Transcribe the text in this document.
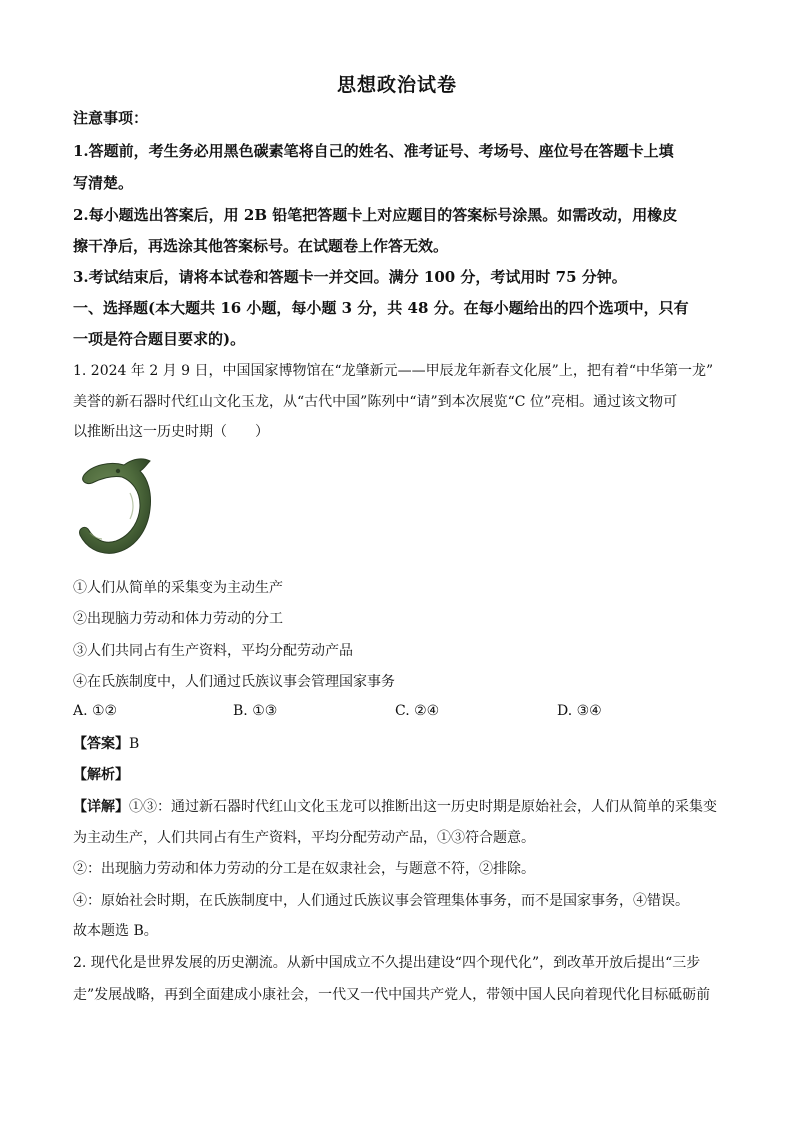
思想政治试卷
注意事项：
1.答题前，考生务必用黑色碳素笔将自己的姓名、准考证号、考场号、座位号在答题卡上填
写清楚。
2.每小题选出答案后，用 2B 铅笔把答题卡上对应题目的答案标号涂黑。如需改动，用橡皮
擦干净后，再选涂其他答案标号。在试题卷上作答无效。
3.考试结束后，请将本试卷和答题卡一并交回。满分 100 分，考试用时 75 分钟。
一、选择题(本大题共 16 小题，每小题 3 分，共 48 分。在每小题给出的四个选项中，只有
一项是符合题目要求的)。
1. 2024 年 2 月 9 日，中国国家博物馆在“龙肇新元——甲辰龙年新春文化展”上，把有着“中华第一龙”
美誉的新石器时代红山文化玉龙，从“古代中国”陈列中“请”到本次展览“C 位”亮相。通过该文物可
以推断出这一历史时期（　　）
①人们从简单的采集变为主动生产
②出现脑力劳动和体力劳动的分工
③人们共同占有生产资料，平均分配劳动产品
④在氏族制度中，人们通过氏族议事会管理国家事务
A. ①②	B. ①③	C. ②④	D. ③④
【答案】B
【解析】
【详解】①③：通过新石器时代红山文化玉龙可以推断出这一历史时期是原始社会，人们从简单的采集变
为主动生产，人们共同占有生产资料，平均分配劳动产品，①③符合题意。
②：出现脑力劳动和体力劳动的分工是在奴隶社会，与题意不符，②排除。
④：原始社会时期，在氏族制度中，人们通过氏族议事会管理集体事务，而不是国家事务，④错误。
故本题选 B。
2. 现代化是世界发展的历史潮流。从新中国成立不久提出建设“四个现代化”，到改革开放后提出“三步
走”发展战略，再到全面建成小康社会，一代又一代中国共产党人，带领中国人民向着现代化目标砥砺前
